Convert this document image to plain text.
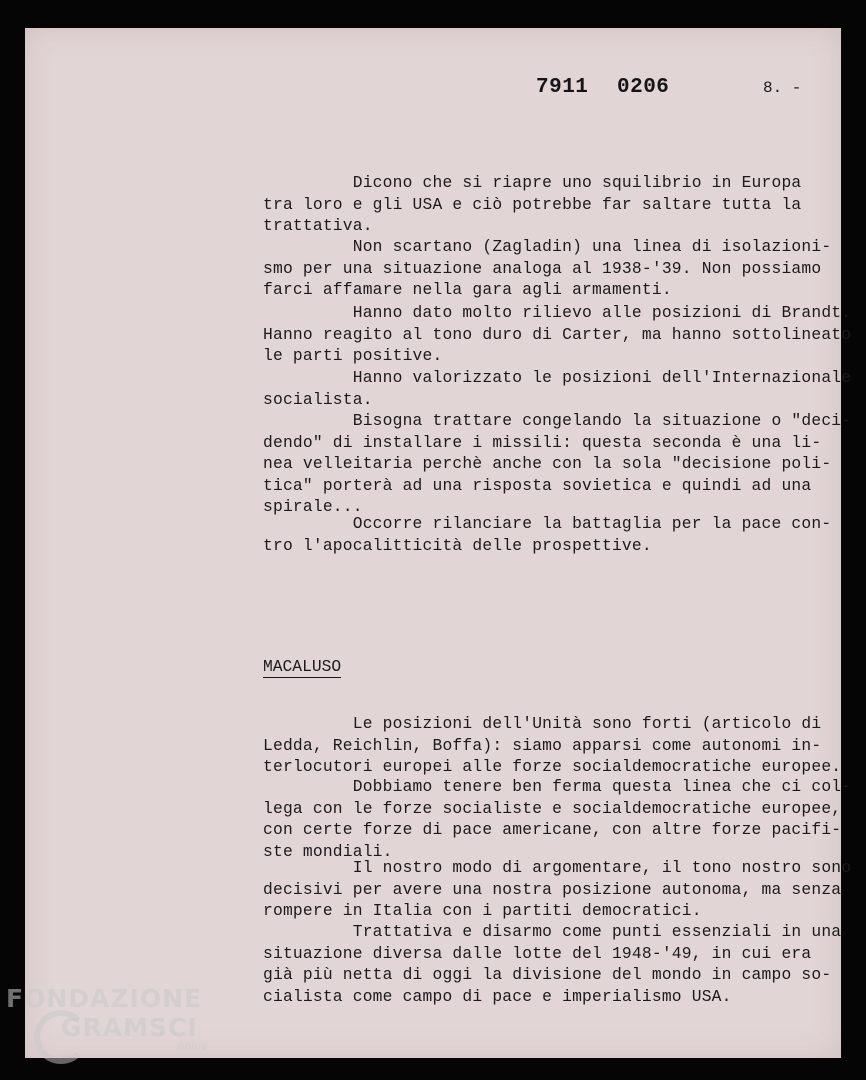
7911 0206	8. -

Dicono che si riapre uno squilibrio in Europa
tra loro e gli USA e ciò potrebbe far saltare tutta la
trattativa.

Non scartano (Zagladin) una linea di isolazioni-
smo per una situazione analoga al 1938-'39. Non possiamo
farci affamare nella gara agli armamenti.

Hanno dato molto rilievo alle posizioni di Brandt.
Hanno reagito al tono duro di Carter, ma hanno sottolineato
le parti positive.

Hanno valorizzato le posizioni dell'Internazionale
socialista.

Bisogna trattare congelando la situazione o "deci-
dendo" di installare i missili: questa seconda è una li-
nea velleitaria perchè anche con la sola "decisione poli-
tica" porterà ad una risposta sovietica e quindi ad una
spirale...

Occorre rilanciare la battaglia per la pace con-
tro l'apocalitticità delle prospettive.

MACALUSO

Le posizioni dell'Unità sono forti (articolo di
Ledda, Reichlin, Boffa): siamo apparsi come autonomi in-
terlocutori europei alle forze socialdemocratiche europee.

Dobbiamo tenere ben ferma questa linea che ci col-
lega con le forze socialiste e socialdemocratiche europee,
con certe forze di pace americane, con altre forze pacifi-
ste mondiali.

Il nostro modo di argomentare, il tono nostro sono
decisivi per avere una nostra posizione autonoma, ma senza
rompere in Italia con i partiti democratici.

Trattativa e disarmo come punti essenziali in una
situazione diversa dalle lotte del 1948-'49, in cui era
già più netta di oggi la divisione del mondo in campo so-
cialista come campo di pace e imperialismo USA.

FONDAZIONE
GRAMSCI
onlus
